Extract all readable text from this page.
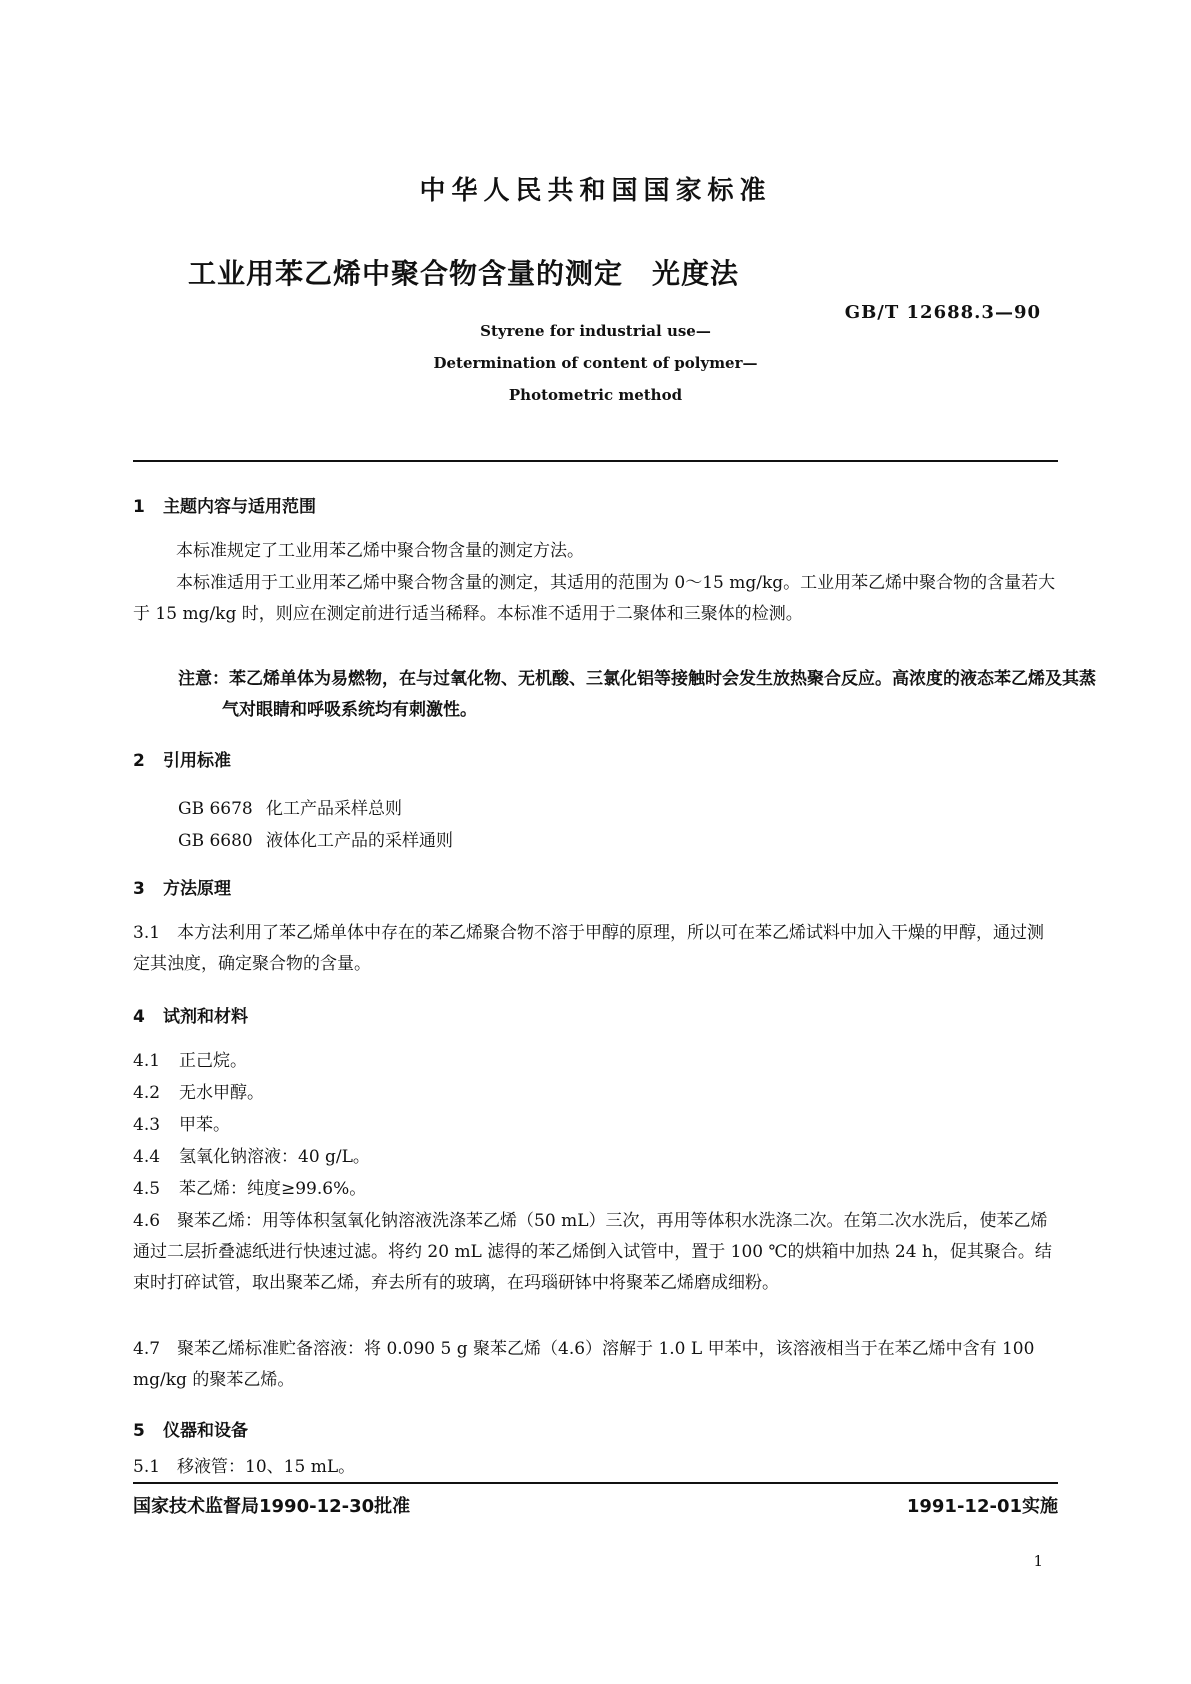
中华人民共和国国家标准
工业用苯乙烯中聚合物含量的测定　光度法
GB/T 12688.3—90
Styrene for industrial use—
Determination of content of polymer—
Photometric method
1 主题内容与适用范围
本标准规定了工业用苯乙烯中聚合物含量的测定方法。
本标准适用于工业用苯乙烯中聚合物含量的测定，其适用的范围为 0～15 mg/kg。工业用苯乙烯中聚合物的含量若大于 15 mg/kg 时，则应在测定前进行适当稀释。本标准不适用于二聚体和三聚体的检测。
注意：苯乙烯单体为易燃物，在与过氧化物、无机酸、三氯化铝等接触时会发生放热聚合反应。高浓度的液态苯乙烯及其蒸气对眼睛和呼吸系统均有刺激性。
2 引用标准
GB 6678 化工产品采样总则
GB 6680 液体化工产品的采样通则
3 方法原理
3.1　本方法利用了苯乙烯单体中存在的苯乙烯聚合物不溶于甲醇的原理，所以可在苯乙烯试料中加入干燥的甲醇，通过测定其浊度，确定聚合物的含量。
4 试剂和材料
4.1 正己烷。
4.2 无水甲醇。
4.3 甲苯。
4.4 氢氧化钠溶液：40 g/L。
4.5 苯乙烯：纯度≥99.6%。
4.6　聚苯乙烯：用等体积氢氧化钠溶液洗涤苯乙烯（50 mL）三次，再用等体积水洗涤二次。在第二次水洗后，使苯乙烯通过二层折叠滤纸进行快速过滤。将约 20 mL 滤得的苯乙烯倒入试管中，置于 100 ℃的烘箱中加热 24 h，促其聚合。结束时打碎试管，取出聚苯乙烯，弃去所有的玻璃，在玛瑙研钵中将聚苯乙烯磨成细粉。
4.7　聚苯乙烯标准贮备溶液：将 0.090 5 g 聚苯乙烯（4.6）溶解于 1.0 L 甲苯中，该溶液相当于在苯乙烯中含有 100 mg/kg 的聚苯乙烯。
5 仪器和设备
5.1　移液管：10、15 mL。
国家技术监督局1990-12-30批准	1991-12-01实施
1
